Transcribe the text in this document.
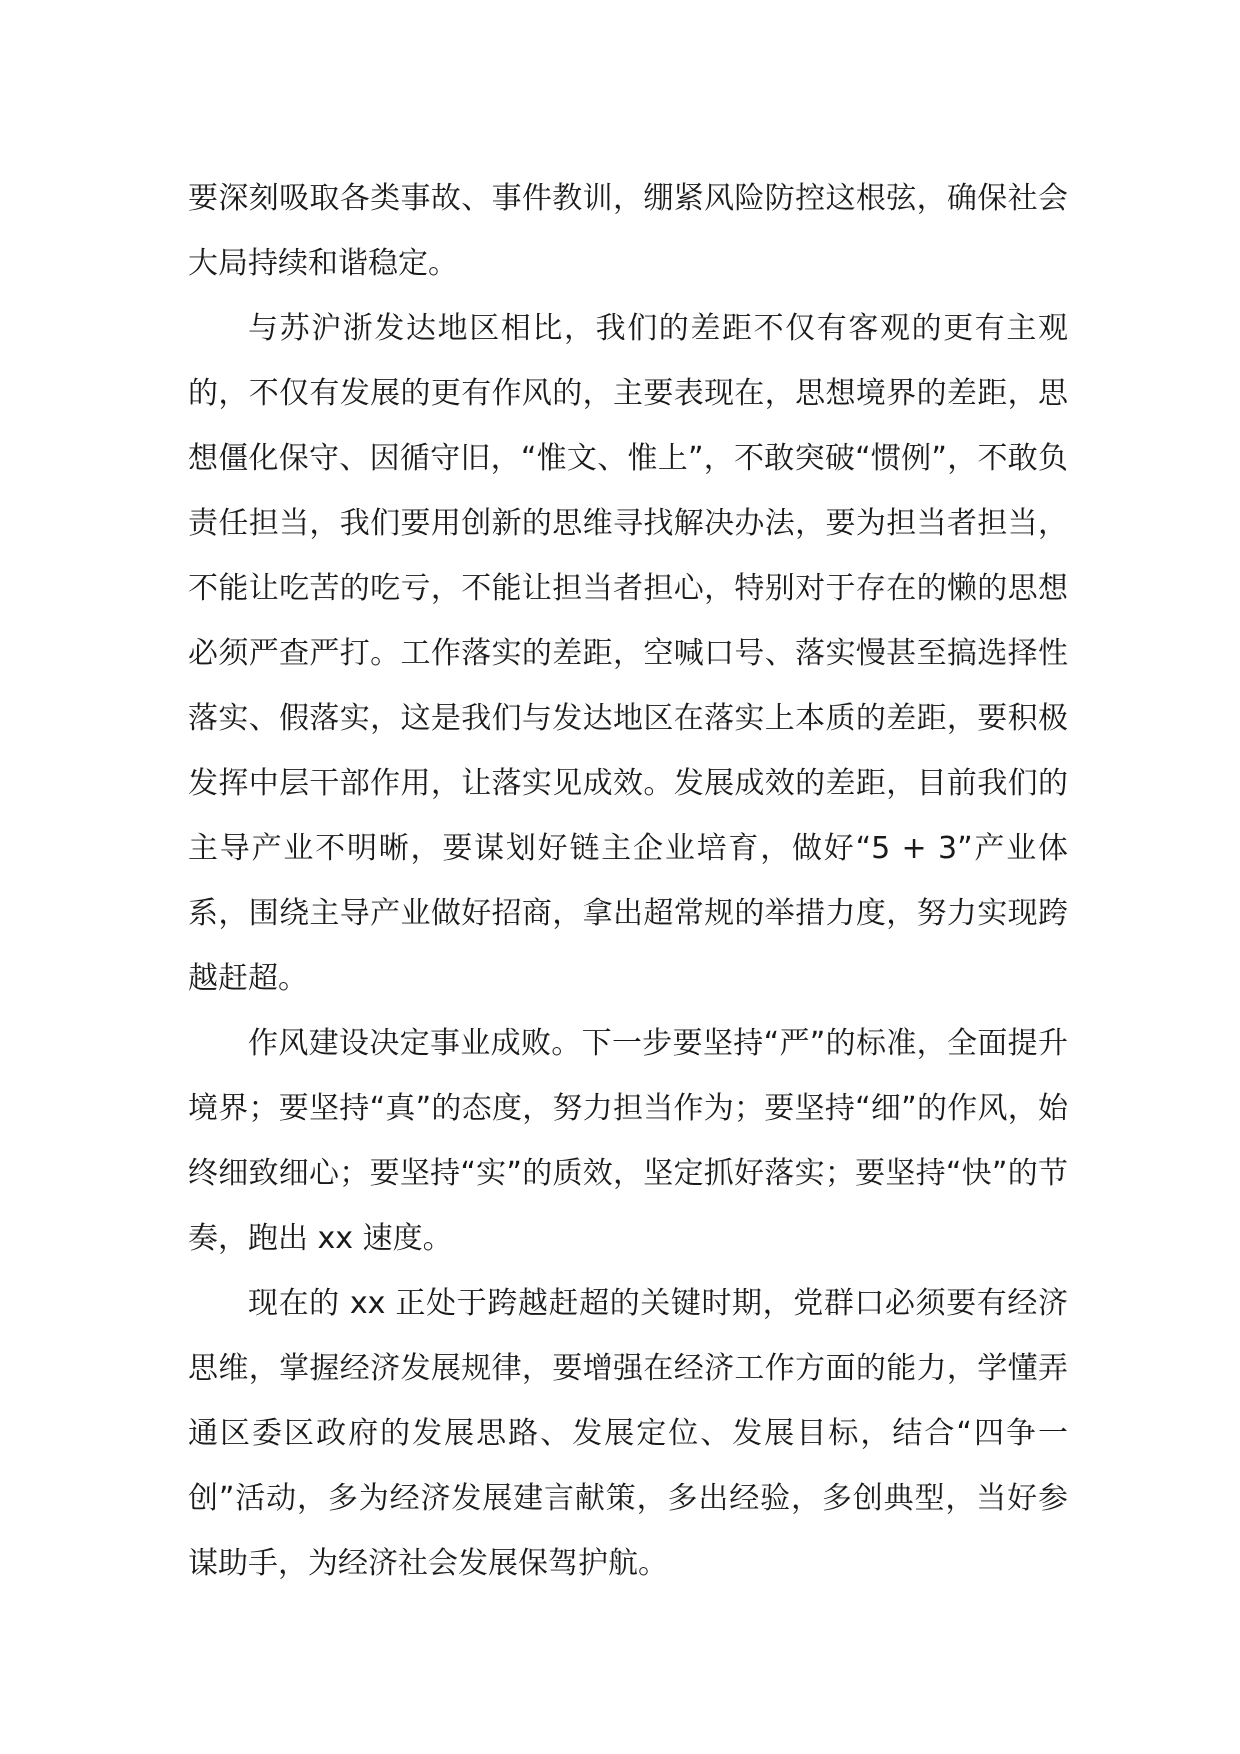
要深刻吸取各类事故、事件教训，绷紧风险防控这根弦，确保社会大局持续和谐稳定。

与苏沪浙发达地区相比，我们的差距不仅有客观的更有主观的，不仅有发展的更有作风的，主要表现在，思想境界的差距，思想僵化保守、因循守旧，“惟文、惟上”，不敢突破“惯例”，不敢负责任担当，我们要用创新的思维寻找解决办法，要为担当者担当，不能让吃苦的吃亏，不能让担当者担心，特别对于存在的懒的思想必须严查严打。工作落实的差距，空喊口号、落实慢甚至搞选择性落实、假落实，这是我们与发达地区在落实上本质的差距，要积极发挥中层干部作用，让落实见成效。发展成效的差距，目前我们的主导产业不明晰，要谋划好链主企业培育，做好“5 + 3”产业体系，围绕主导产业做好招商，拿出超常规的举措力度，努力实现跨越赶超。

作风建设决定事业成败。下一步要坚持“严”的标准，全面提升境界；要坚持“真”的态度，努力担当作为；要坚持“细”的作风，始终细致细心；要坚持“实”的质效，坚定抓好落实；要坚持“快”的节奏，跑出 xx 速度。

现在的 xx 正处于跨越赶超的关键时期，党群口必须要有经济思维，掌握经济发展规律，要增强在经济工作方面的能力，学懂弄通区委区政府的发展思路、发展定位、发展目标，结合“四争一创”活动，多为经济发展建言献策，多出经验，多创典型，当好参谋助手，为经济社会发展保驾护航。
